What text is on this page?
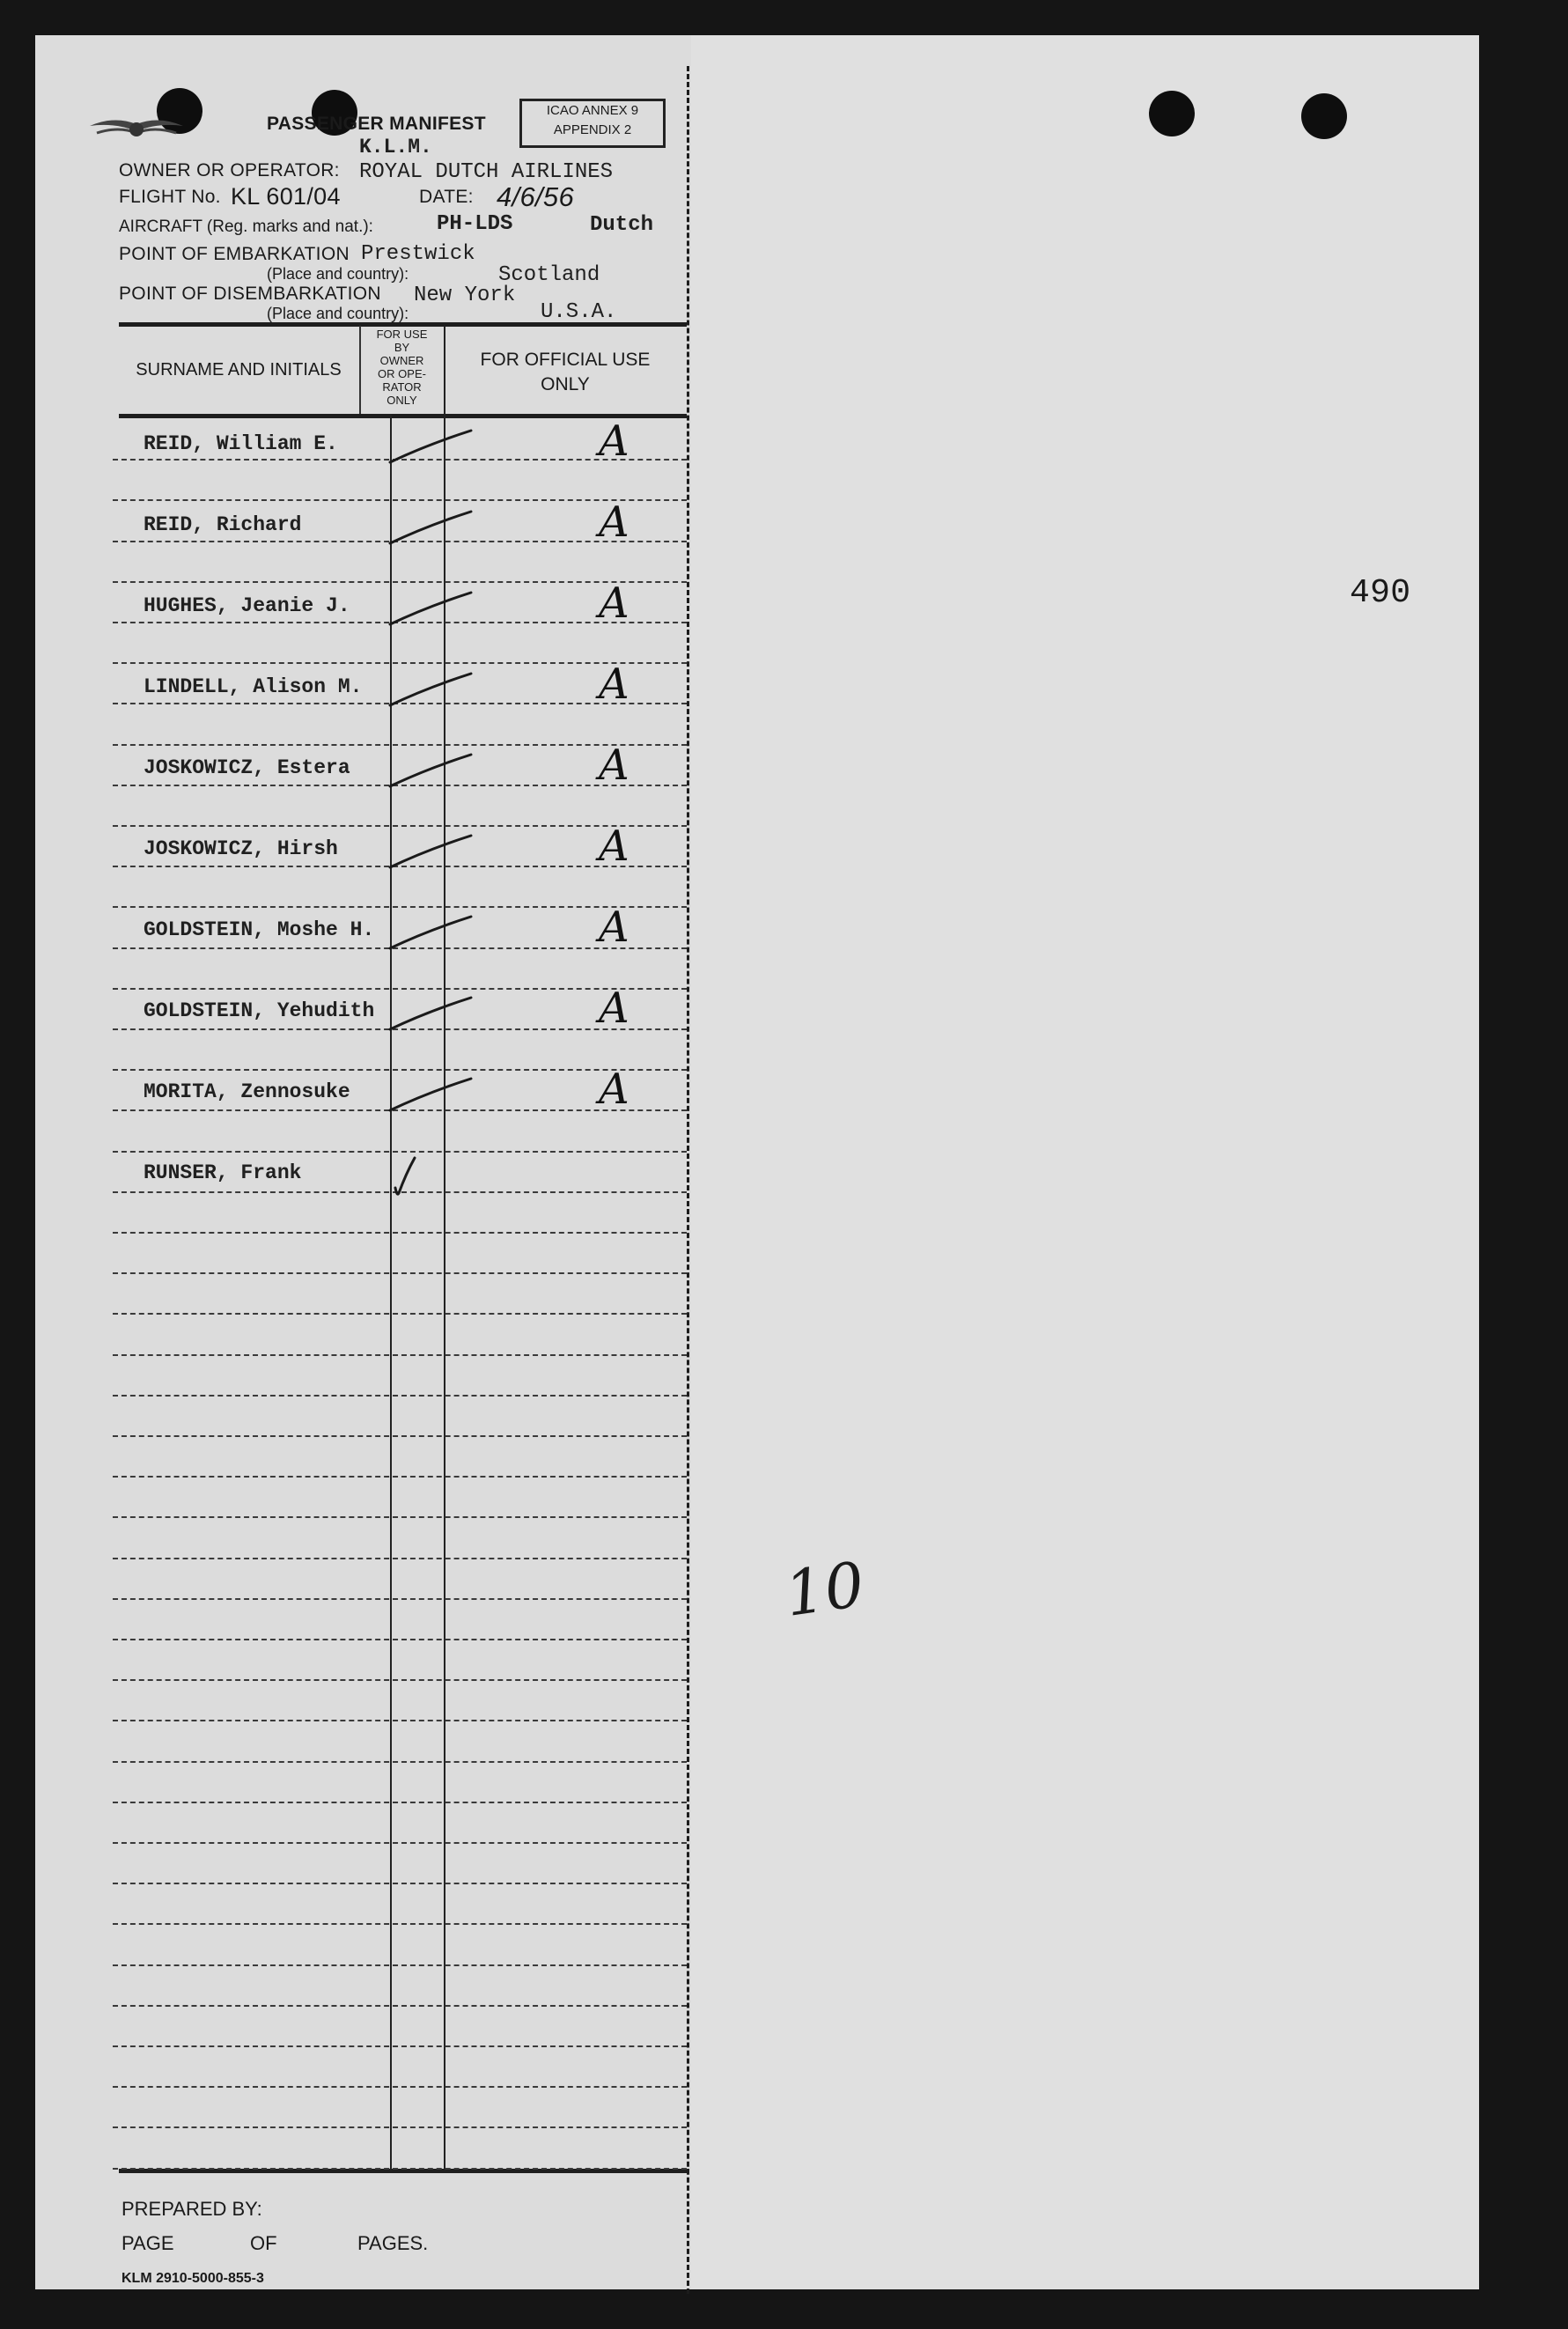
PASSENGER MANIFEST
ICAO ANNEX 9
APPENDIX 2
K.L.M.
OWNER OR OPERATOR: ROYAL DUTCH AIRLINES
FLIGHT No. KL 601/04	DATE: 4/6/56
AIRCRAFT (Reg. marks and nat.):	PH-LDS	Dutch
POINT OF EMBARKATION Prestwick
(Place and country):	Scotland
POINT OF DISEMBARKATION New York
(Place and country):	U.S.A.
SURNAME AND INITIALS
FOR USE
BY
OWNER
OR OPE-
RATOR
ONLY
FOR OFFICIAL USE
ONLY
REID, William E.	A
REID, Richard	A
HUGHES, Jeanie J.	A
LINDELL, Alison M.	A
JOSKOWICZ, Estera	A
JOSKOWICZ, Hirsh	A
GOLDSTEIN, Moshe H.	A
GOLDSTEIN, Yehudith	A
MORITA, Zennosuke	A
RUNSER, Frank
490
10
PREPARED BY:
PAGE	OF	PAGES.
KLM 2910-5000-855-3
